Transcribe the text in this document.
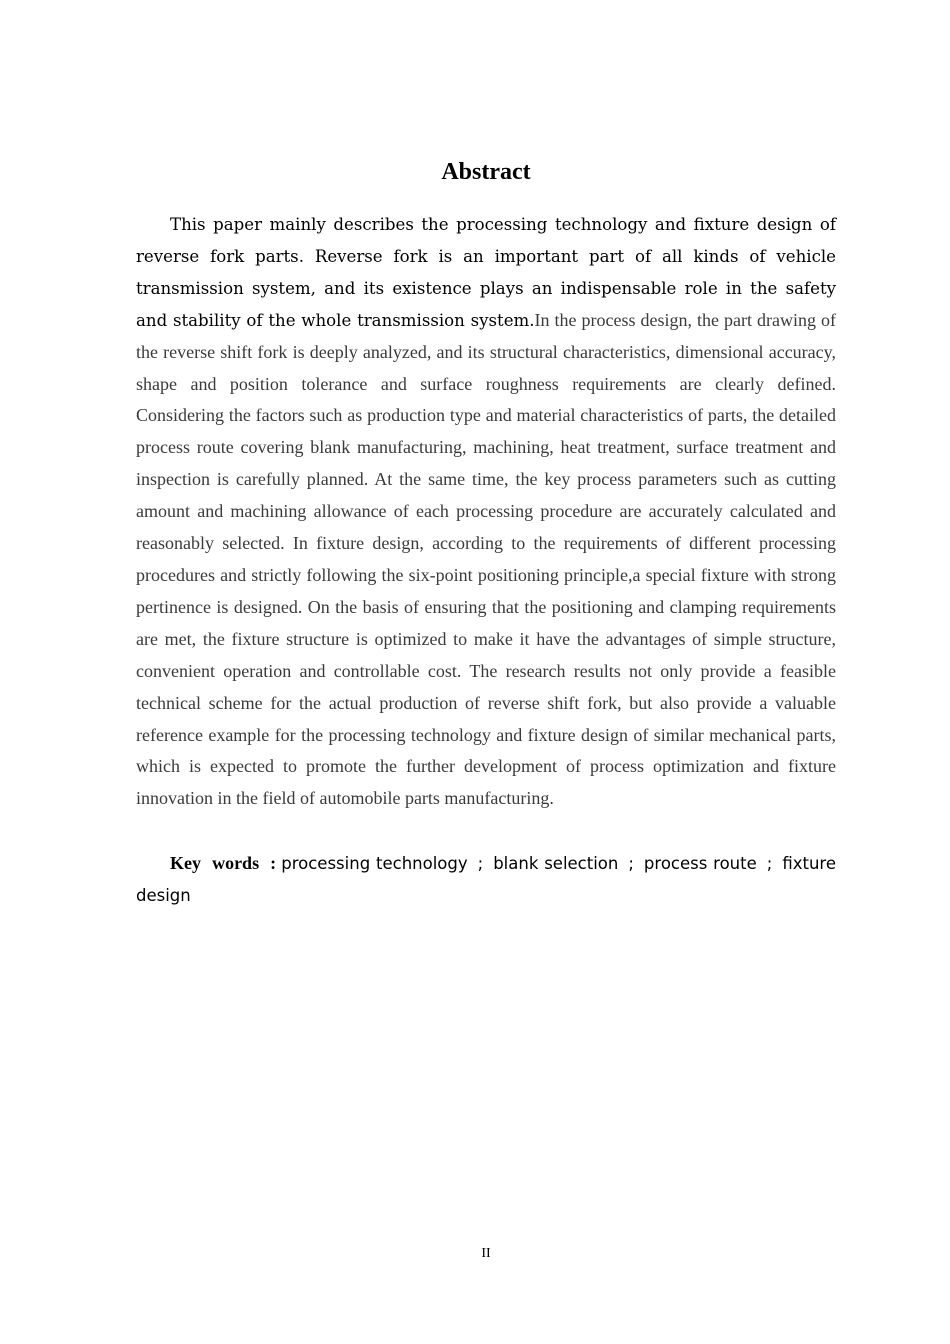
Abstract

This paper mainly describes the processing technology and fixture design of reverse fork parts. Reverse fork is an important part of all kinds of vehicle transmission system, and its existence plays an indispensable role in the safety and stability of the whole transmission system.In the process design, the part drawing of the reverse shift fork is deeply analyzed, and its structural characteristics, dimensional accuracy, shape and position tolerance and surface roughness requirements are clearly defined. Considering the factors such as production type and material characteristics of parts, the detailed process route covering blank manufacturing, machining, heat treatment, surface treatment and inspection is carefully planned. At the same time, the key process parameters such as cutting amount and machining allowance of each processing procedure are accurately calculated and reasonably selected. In fixture design, according to the requirements of different processing procedures and strictly following the six-point positioning principle,a special fixture with strong pertinence is designed. On the basis of ensuring that the positioning and clamping requirements are met, the fixture structure is optimized to make it have the advantages of simple structure, convenient operation and controllable cost. The research results not only provide a feasible technical scheme for the actual production of reverse shift fork, but also provide a valuable reference example for the processing technology and fixture design of similar mechanical parts, which is expected to promote the further development of process optimization and fixture innovation in the field of automobile parts manufacturing.

Key words : processing technology ; blank selection ; process route ; fixture design

II
